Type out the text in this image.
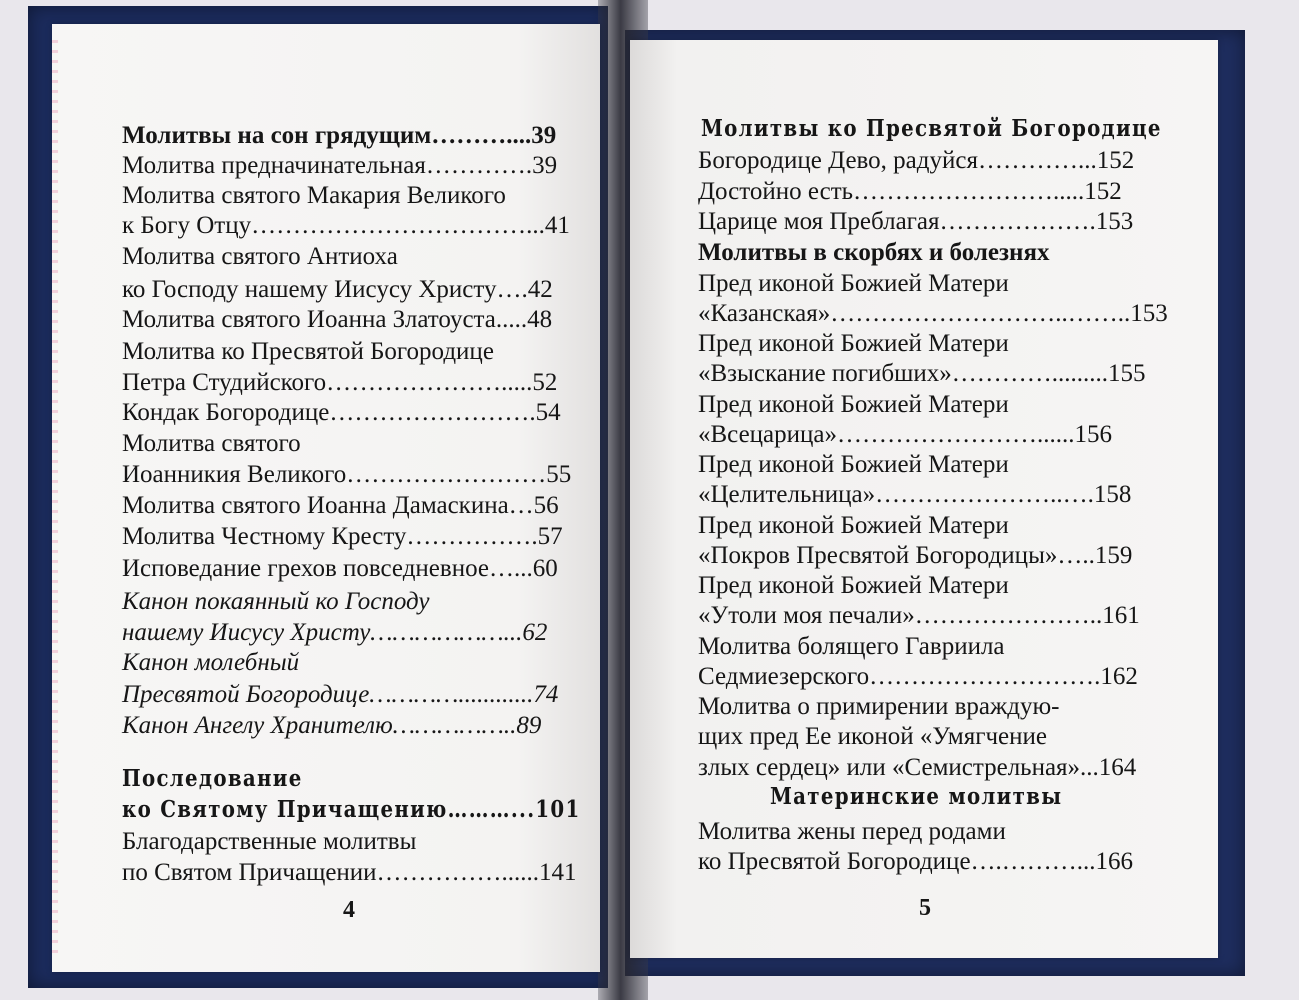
Молитвы на сон грядущим………....39
Молитва предначинательная………….39
Молитва святого Макария Великого
к Богу Отцу……………………………...41
Молитва святого Антиоха
ко Господу нашему Иисусу Христу….42
Молитва святого Иоанна Златоуста.....48
Молитва ко Пресвятой Богородице
Петра Студийского………………….....52
Кондак Богородице…………………….54
Молитва святого
Иоанникия Великого……………………55
Молитва святого Иоанна Дамаскина…56
Молитва Честному Кресту…………….57
Исповедание грехов повседневное…...60
Канон покаянный ко Господу
нашему Иисусу Христу………………...62
Канон молебный
Пресвятой Богородице…………............74
Канон Ангелу Хранителю……………..89
Последование
ко Святому Причащению………...101
Благодарственные молитвы
по Святом Причащении……………......141
4
Молитвы ко Пресвятой Богородице
Богородице Дево, радуйся…………...152
Достойно есть…………………….....152
Царице моя Преблагая……………….153
Молитвы в скорбях и болезнях
Пред иконой Божией Матери
«Казанская»………………………..……..153
Пред иконой Божией Матери
«Взыскание погибших»………….........155
Пред иконой Божией Матери
«Всецарица»……………………......156
Пред иконой Божией Матери
«Целительница»…………………..….158
Пред иконой Божией Матери
«Покров Пресвятой Богородицы»…..159
Пред иконой Божией Матери
«Утоли моя печали»…………………..161
Молитва болящего Гавриила
Седмиезерского……………………….162
Молитва о примирении враждую-
щих пред Ее иконой «Умягчение
злых сердец» или «Семистрельная»...164
Материнские молитвы
Молитва жены перед родами
ко Пресвятой Богородице….………...166
5
